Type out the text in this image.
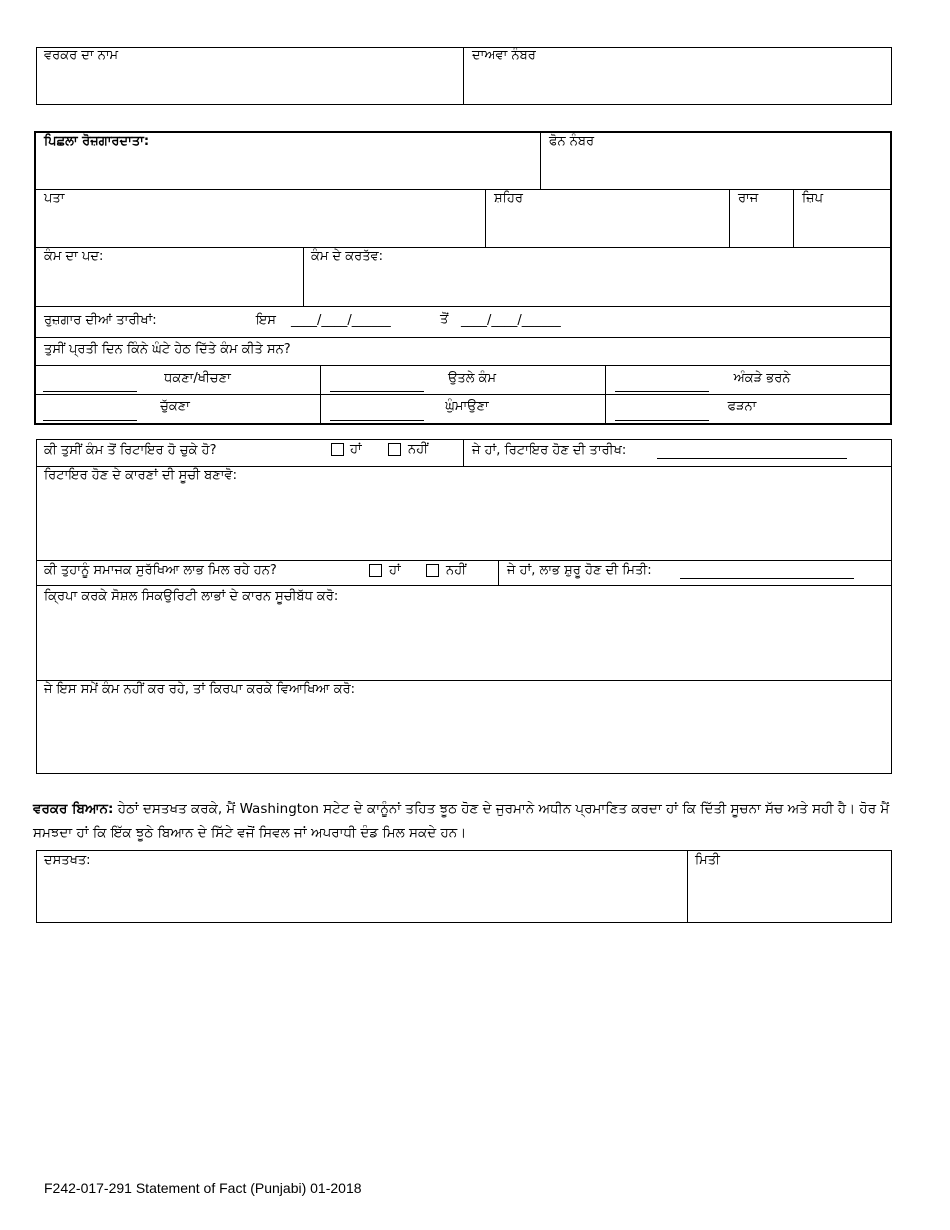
ਵਰਕਰ ਦਾ ਨਾਮ	ਦਾਅਵਾ ਨੰਬਰ
ਪਿਛਲਾ ਰੋਜ਼ਗਾਰਦਾਤਾ:	ਫੋਨ ਨੰਬਰ
ਪਤਾ	ਸ਼ਹਿਰ	ਰਾਜ	ਜ਼ਿਪ
ਕੰਮ ਦਾ ਪਦ:	ਕੰਮ ਦੇ ਕਰਤੱਵ:
ਰੁਜ਼ਗਾਰ ਦੀਆਂ ਤਾਰੀਖਾਂ:	ਇਸ ____/____/______	ਤੋਂ ____/____/______
ਤੁਸੀਂ ਪ੍ਰਤੀ ਦਿਨ ਕਿੰਨੇ ਘੰਟੇ ਹੇਠ ਦਿੱਤੇ ਕੰਮ ਕੀਤੇ ਸਨ?
ਧਕਣਾ/ਖੀਚਣਾ	ਉਤਲੇ ਕੰਮ	ਅੰਕੜੇ ਭਰਨੇ
ਚੁੱਕਣਾ	ਘੁੰਮਾਉਣਾ	ਫੜਨਾ
ਕੀ ਤੁਸੀਂ ਕੰਮ ਤੋਂ ਰਿਟਾਇਰ ਹੋ ਚੁਕੇ ਹੋ?	ਹਾਂ	ਨਹੀਂ	ਜੇ ਹਾਂ, ਰਿਟਾਇਰ ਹੋਣ ਦੀ ਤਾਰੀਖ:
ਰਿਟਾਇਰ ਹੋਣ ਦੇ ਕਾਰਣਾਂ ਦੀ ਸੂਚੀ ਬਣਾਵੋ:
ਕੀ ਤੁਹਾਨੂੰ ਸਮਾਜਕ ਸੁਰੱਖਿਆ ਲਾਭ ਮਿਲ ਰਹੇ ਹਨ?	ਹਾਂ	ਨਹੀਂ	ਜੇ ਹਾਂ, ਲਾਭ ਸ਼ੁਰੂ ਹੋਣ ਦੀ ਮਿਤੀ:
ਕ੍ਰਿਪਾ ਕਰਕੇ ਸੋਸ਼ਲ ਸਿਕਉਰਿਟੀ ਲਾਭਾਂ ਦੇ ਕਾਰਨ ਸੂਚੀਬੱਧ ਕਰੋ:
ਜੇ ਇਸ ਸਮੇਂ ਕੰਮ ਨਹੀਂ ਕਰ ਰਹੇ, ਤਾਂ ਕਿਰਪਾ ਕਰਕੇ ਵਿਆਖਿਆ ਕਰੋ:
ਵਰਕਰ ਬਿਆਨ: ਹੇਠਾਂ ਦਸਤਖਤ ਕਰਕੇ, ਮੈਂ Washington ਸਟੇਟ ਦੇ ਕਾਨੂੰਨਾਂ ਤਹਿਤ ਝੂਠ ਹੋਣ ਦੇ ਜੁਰਮਾਨੇ ਅਧੀਨ ਪ੍ਰਮਾਣਿਤ ਕਰਦਾ ਹਾਂ ਕਿ ਦਿੱਤੀ ਸੂਚਨਾ ਸੱਚ ਅਤੇ ਸਹੀ ਹੈ। ਹੋਰ ਮੈਂ ਸਮਝਦਾ ਹਾਂ ਕਿ ਇੱਕ ਝੂਠੇ ਬਿਆਨ ਦੇ ਸਿੱਟੇ ਵਜੋਂ ਸਿਵਲ ਜਾਂ ਅਪਰਾਧੀ ਦੰਡ ਮਿਲ ਸਕਦੇ ਹਨ।
ਦਸਤਖਤ:	ਮਿਤੀ
F242-017-291 Statement of Fact (Punjabi) 01-2018
